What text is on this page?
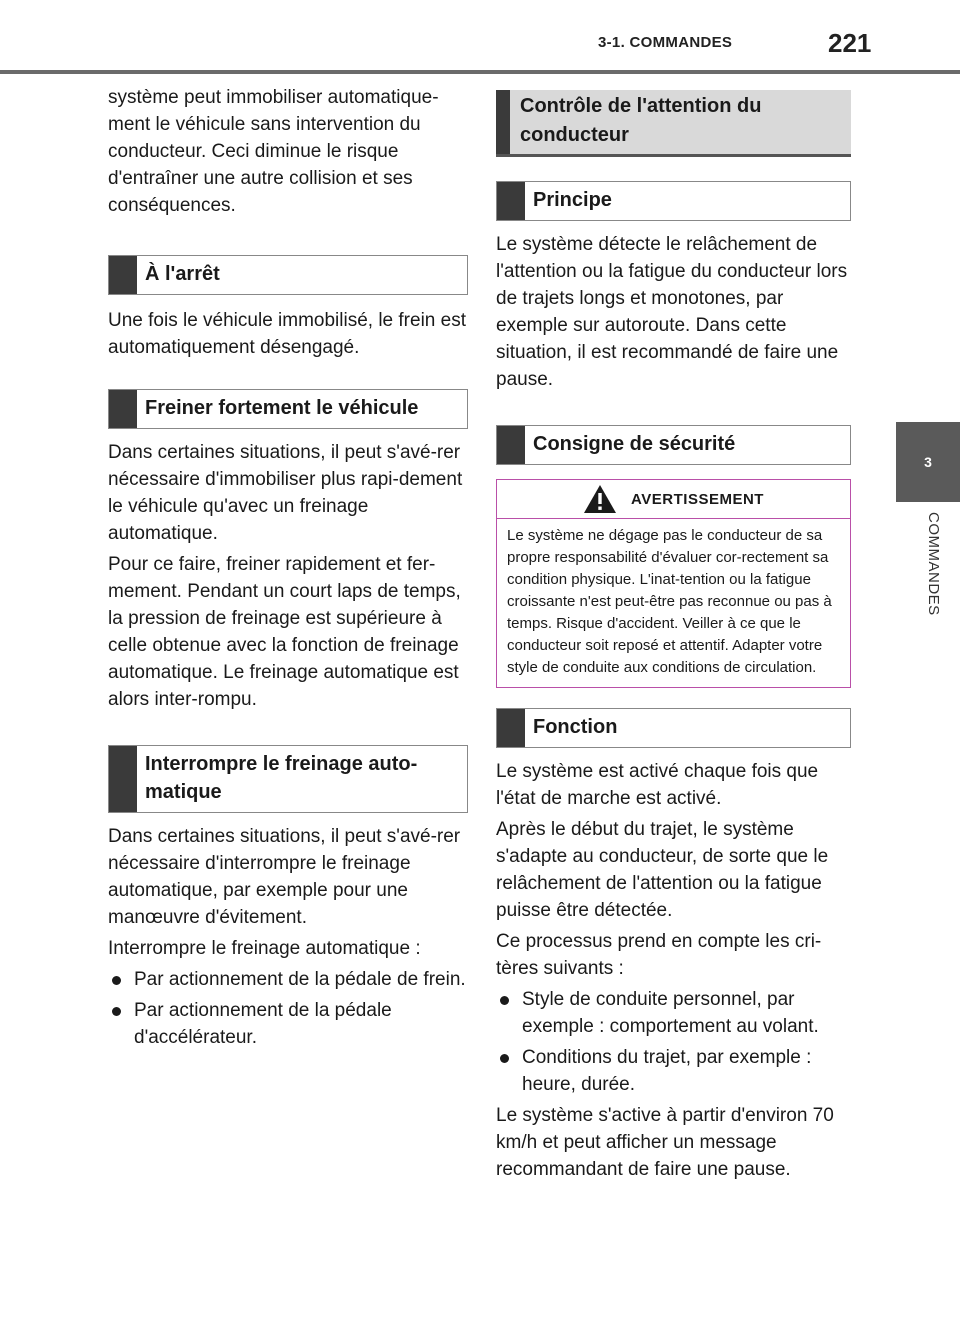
3-1. COMMANDES	221
3
COMMANDES

système peut immobiliser automatique-ment le véhicule sans intervention du conducteur. Ceci diminue le risque d'entraîner une autre collision et ses conséquences.

À l'arrêt

Une fois le véhicule immobilisé, le frein est automatiquement désengagé.

Freiner fortement le véhicule

Dans certaines situations, il peut s'avé-rer nécessaire d'immobiliser plus rapi-dement le véhicule qu'avec un freinage automatique.

Pour ce faire, freiner rapidement et fer-mement. Pendant un court laps de temps, la pression de freinage est supérieure à celle obtenue avec la fonction de freinage automatique. Le freinage automatique est alors inter-rompu.

Interrompre le freinage auto-matique

Dans certaines situations, il peut s'avé-rer nécessaire d'interrompre le freinage automatique, par exemple pour une manœuvre d'évitement.

Interrompre le freinage automatique :

Par actionnement de la pédale de frein.
Par actionnement de la pédale d'accélérateur.
Contrôle de l'attention du conducteur
Principe

Le système détecte le relâchement de l'attention ou la fatigue du conducteur lors de trajets longs et monotones, par exemple sur autoroute. Dans cette situation, il est recommandé de faire une pause.

Consigne de sécurité
AVERTISSEMENT

Le système ne dégage pas le conducteur de sa propre responsabilité d'évaluer cor-rectement sa condition physique. L'inat-tention ou la fatigue croissante n'est peut-être pas reconnue ou pas à temps. Risque d'accident. Veiller à ce que le conducteur soit reposé et attentif. Adapter votre style de conduite aux conditions de circulation.

Fonction

Le système est activé chaque fois que l'état de marche est activé.

Après le début du trajet, le système s'adapte au conducteur, de sorte que le relâchement de l'attention ou la fatigue puisse être détectée.

Ce processus prend en compte les cri-tères suivants :

Style de conduite personnel, par exemple : comportement au volant.
Conditions du trajet, par exemple : heure, durée.

Le système s'active à partir d'environ 70 km/h et peut afficher un message recommandant de faire une pause.
